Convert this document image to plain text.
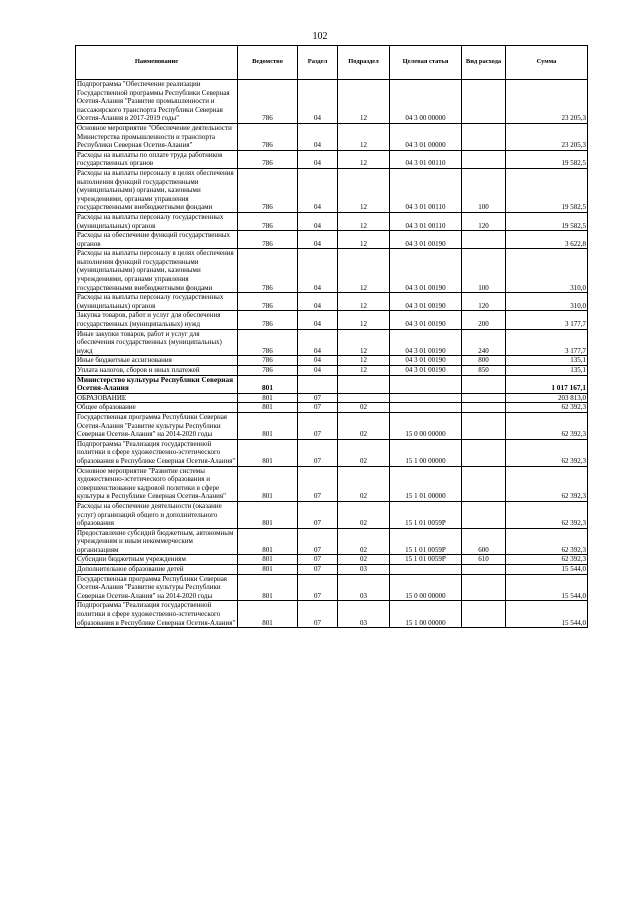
102
Наименование	Ведомство	Раздел	Подраздел	Целевая статья	Вид расхода	Сумма
Подпрограмма "Обеспечение реализации Государственной программы Республики Северная Осетия-Алания "Развитие промышленности и пассажирского транспорта Республики Северная Осетия-Алания в 2017-2019 годы"	786	04	12	04 3 00 00000		23 205,3
Основное мероприятие "Обеспечение деятельности Министерства промышленности и транспорта Республики Северная Осетия-Алания"	786	04	12	04 3 01 00000		23 205,3
Расходы на выплаты по оплате труда работников государственных органов	786	04	12	04 3 01 00110		19 582,5
Расходы на выплаты персоналу в целях обеспечения выполнения функций государственными (муниципальными) органами, казенными учреждениями, органами управления государственными внебюджетными фондами	786	04	12	04 3 01 00110	100	19 582,5
Расходы на выплаты персоналу государственных (муниципальных) органов	786	04	12	04 3 01 00110	120	19 582,5
Расходы на обеспечение функций государственных органов	786	04	12	04 3 01 00190		3 622,8
Расходы на выплаты персоналу в целях обеспечения выполнения функций государственными (муниципальными) органами, казенными учреждениями, органами управления государственными внебюджетными фондами	786	04	12	04 3 01 00190	100	310,0
Расходы на выплаты персоналу государственных (муниципальных) органов	786	04	12	04 3 01 00190	120	310,0
Закупка товаров, работ и услуг для обеспечения государственных (муниципальных) нужд	786	04	12	04 3 01 00190	200	3 177,7
Иные закупки товаров, работ и услуг для обеспечения государственных (муниципальных) нужд	786	04	12	04 3 01 00190	240	3 177,7
Иные бюджетные ассигнования	786	04	12	04 3 01 00190	800	135,1
Уплата налогов, сборов и иных платежей	786	04	12	04 3 01 00190	850	135,1
Министерство культуры Республики Северная Осетия-Алания	801					1 017 167,1
ОБРАЗОВАНИЕ	801	07				203 813,0
Общее образование	801	07	02			62 392,3
Государственная программа Республики Северная Осетия-Алания "Развитие культуры Республики Северная Осетия-Алания" на 2014-2020 годы	801	07	02	15 0 00 00000		62 392,3
Подпрограмма "Реализация государственной политики в сфере художественно-эстетического образования в Республике Северная Осетия-Алания"	801	07	02	15 1 00 00000		62 392,3
Основное мероприятие "Развитие системы художественно-эстетического образования и совершенствование кадровой политики в сфере культуры в Республике Северная Осетия-Алания"	801	07	02	15 1 01 00000		62 392,3
Расходы на обеспечение деятельности (оказание услуг) организаций общего и дополнительного образования	801	07	02	15 1 01 0059Р		62 392,3
Предоставление субсидий бюджетным, автономным учреждениям и иным некоммерческим организациям	801	07	02	15 1 01 0059Р	600	62 392,3
Субсидии бюджетным учреждениям	801	07	02	15 1 01 0059Р	610	62 392,3
Дополнительное образование детей	801	07	03			15 544,0
Государственная программа Республики Северная Осетия-Алания "Развитие культуры Республики Северная Осетия-Алания" на 2014-2020 годы	801	07	03	15 0 00 00000		15 544,0
Подпрограмма "Реализация государственной политики в сфере художественно-эстетического образования в Республике Северная Осетия-Алания"	801	07	03	15 1 00 00000		15 544,0
